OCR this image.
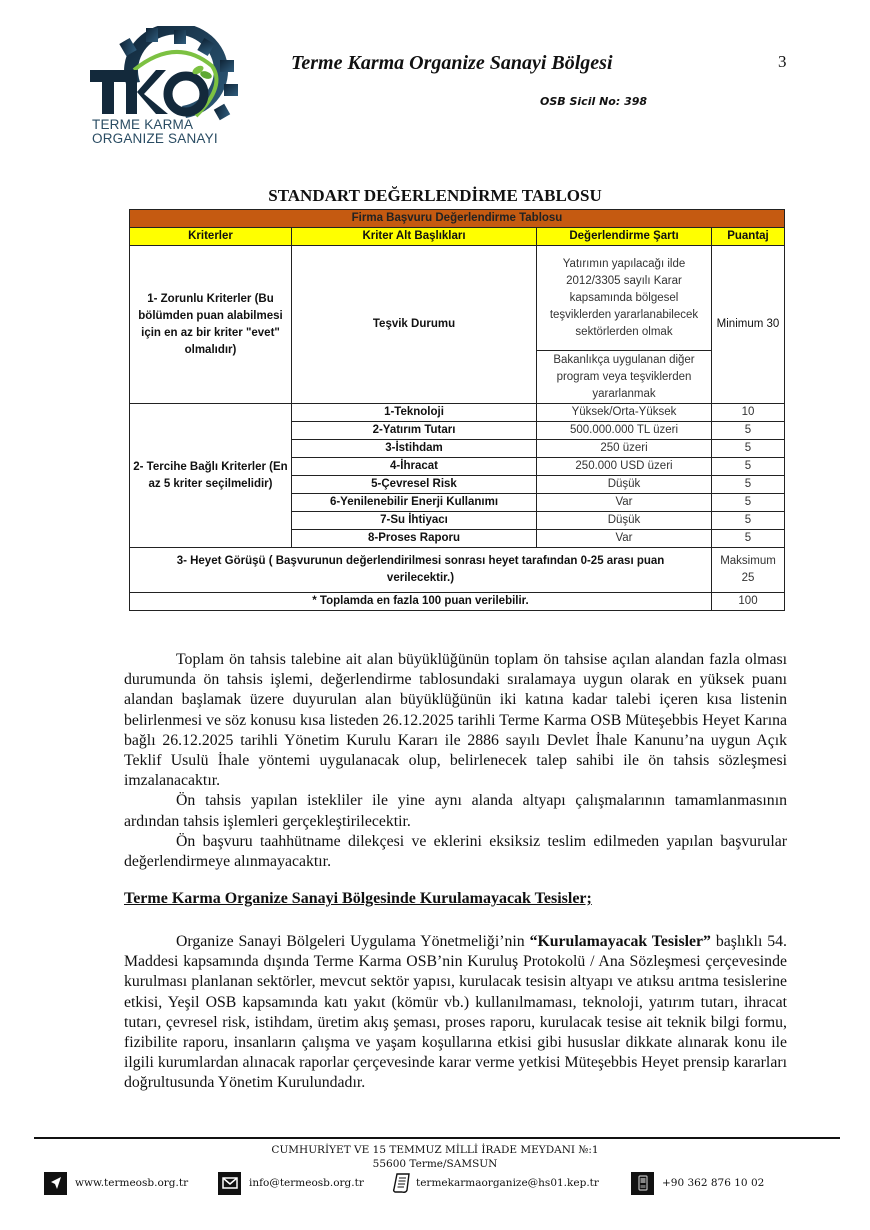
TERME KARMA
ORGANIZE SANAYI
Terme Karma Organize Sanayi Bölgesi	3
OSB Sicil No: 398
STANDART DEĞERLENDİRME TABLOSU
Firma Başvuru Değerlendirme Tablosu			
Kriterler	Kriter Alt Başlıkları	Değerlendirme Şartı	Puantaj
1- Zorunlu Kriterler (Bu bölümden puan alabilmesi için en az bir kriter "evet" olmalıdır)	Teşvik Durumu	Yatırımın yapılacağı ilde 2012/3305 sayılı Karar kapsamında bölgesel teşviklerden yararlanabilecek sektörlerden olmak	Minimum 30
		Bakanlıkça uygulanan diğer program veya teşviklerden yararlanmak	
2- Tercihe Bağlı Kriterler (En az 5 kriter seçilmelidir)	1-Teknoloji	Yüksek/Orta-Yüksek	10
	2-Yatırım Tutarı	500.000.000 TL üzeri	5
	3-İstihdam	250 üzeri	5
	4-İhracat	250.000 USD üzeri	5
	5-Çevresel Risk	Düşük	5
	6-Yenilenebilir Enerji Kullanımı	Var	5
	7-Su İhtiyacı	Düşük	5
	8-Proses Raporu	Var	5
3- Heyet Görüşü ( Başvurunun değerlendirilmesi sonrası heyet tarafından 0-25 arası puan verilecektir.)			Maksimum 25
* Toplamda en fazla 100 puan verilebilir.			100

Toplam ön tahsis talebine ait alan büyüklüğünün toplam ön tahsise açılan alandan fazla olması durumunda ön tahsis işlemi, değerlendirme tablosundaki sıralamaya uygun olarak en yüksek puanı alandan başlamak üzere duyurulan alan büyüklüğünün iki katına kadar talebi içeren kısa listenin belirlenmesi ve söz konusu kısa listeden 26.12.2025 tarihli Terme Karma OSB Müteşebbis Heyet Karına bağlı 26.12.2025 tarihli Yönetim Kurulu Kararı ile 2886 sayılı Devlet İhale Kanunu’na uygun Açık Teklif Usulü İhale yöntemi uygulanacak olup, belirlenecek talep sahibi ile ön tahsis sözleşmesi imzalanacaktır.

Ön tahsis yapılan istekliler ile yine aynı alanda altyapı çalışmalarının tamamlanmasının ardından tahsis işlemleri gerçekleştirilecektir.

Ön başvuru taahhütname dilekçesi ve eklerini eksiksiz teslim edilmeden yapılan başvurular değerlendirmeye alınmayacaktır.

Terme Karma Organize Sanayi Bölgesinde Kurulamayacak Tesisler;

Organize Sanayi Bölgeleri Uygulama Yönetmeliği’nin “Kurulamayacak Tesisler” başlıklı 54. Maddesi kapsamında dışında Terme Karma OSB’nin Kuruluş Protokolü / Ana Sözleşmesi çerçevesinde kurulması planlanan sektörler, mevcut sektör yapısı, kurulacak tesisin altyapı ve atıksu arıtma tesislerine etkisi, Yeşil OSB kapsamında katı yakıt (kömür vb.) kullanılmaması, teknoloji, yatırım tutarı, ihracat tutarı, çevresel risk, istihdam, üretim akış şeması, proses raporu, kurulacak tesise ait teknik bilgi formu, fizibilite raporu, insanların çalışma ve yaşam koşullarına etkisi gibi hususlar dikkate alınarak konu ile ilgili kurumlardan alınacak raporlar çerçevesinde karar verme yetkisi Müteşebbis Heyet prensip kararları doğrultusunda Yönetim Kurulundadır.

CUMHURİYET VE 15 TEMMUZ MİLLİ İRADE MEYDANI №:1
55600 Terme/SAMSUN
www.termeosb.org.tr	info@termeosb.org.tr	termekarmaorganize@hs01.kep.tr	+90 362 876 10 02
